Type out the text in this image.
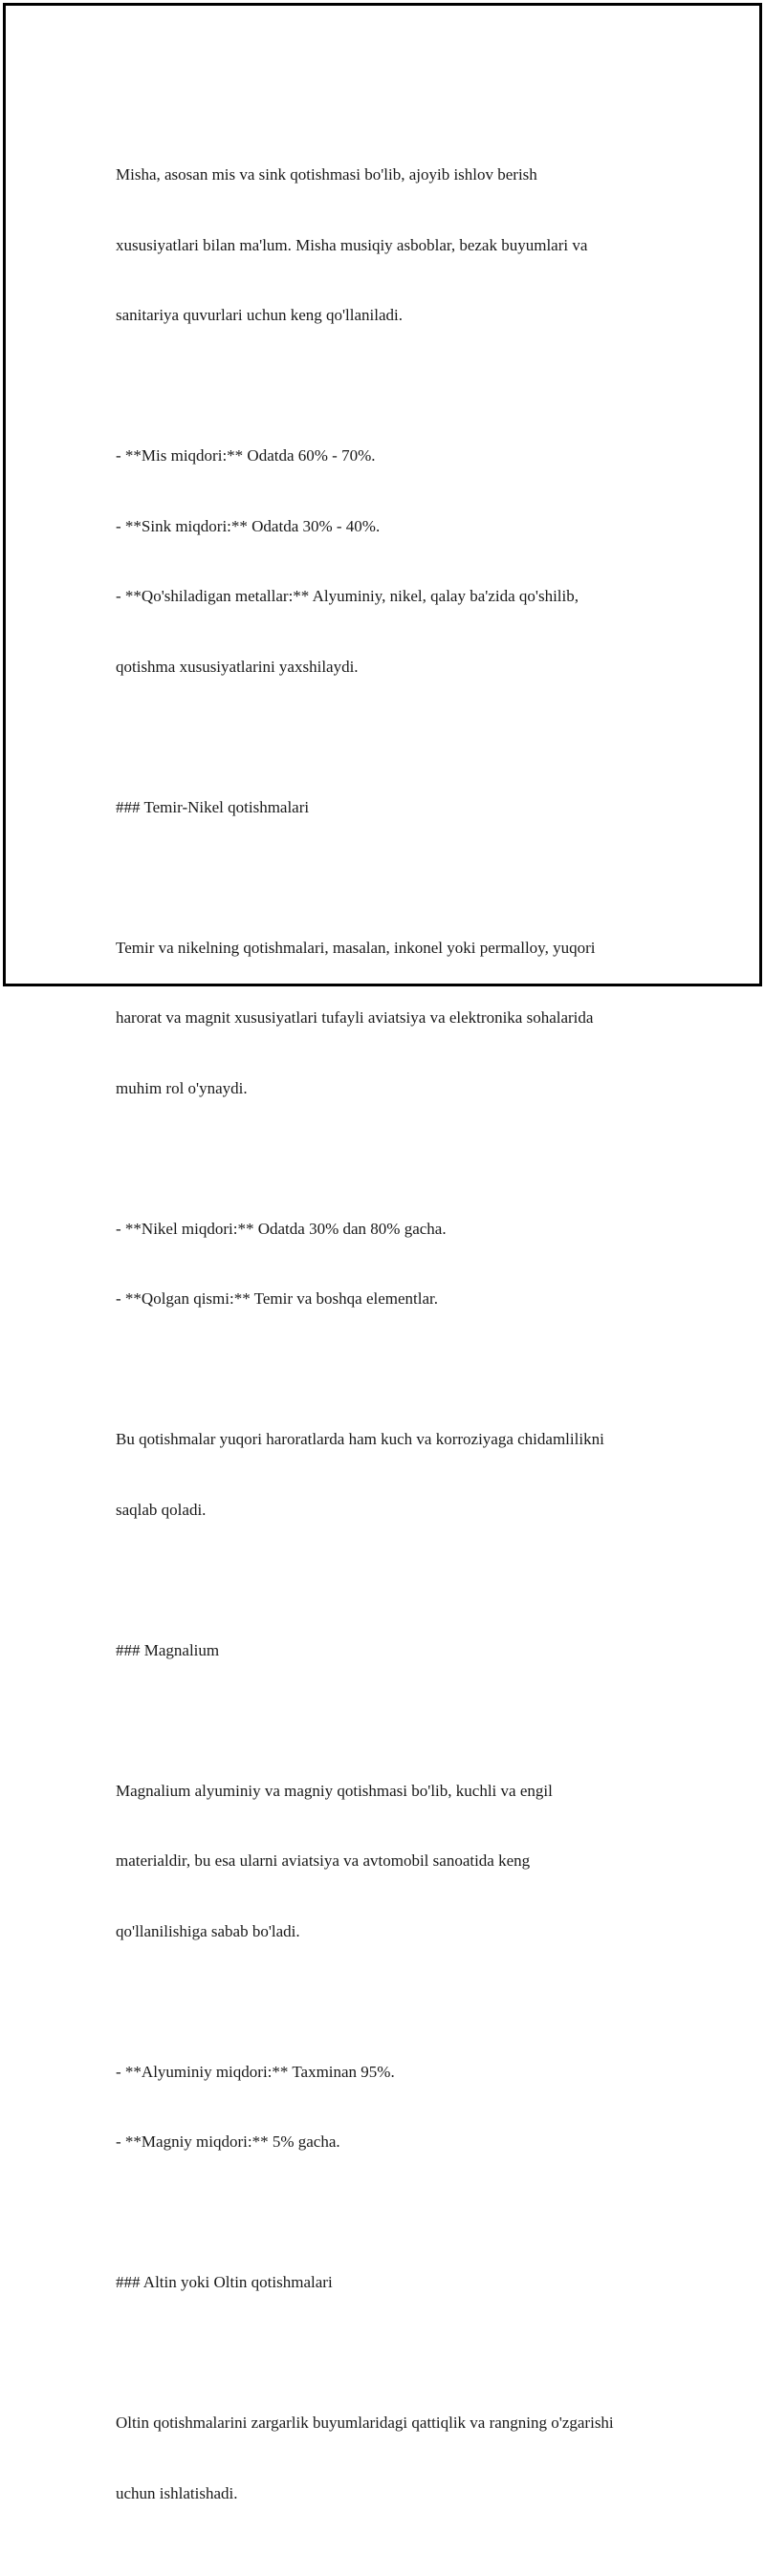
Misha, asosan mis va sink qotishmasi bo'lib, ajoyib ishlov berish

xususiyatlari bilan ma'lum. Misha musiqiy asboblar, bezak buyumlari va

sanitariya quvurlari uchun keng qo'llaniladi.

- **Mis miqdori:** Odatda 60% - 70%.

- **Sink miqdori:** Odatda 30% - 40%.

- **Qo'shiladigan metallar:** Alyuminiy, nikel, qalay ba'zida qo'shilib,

qotishma xususiyatlarini yaxshilaydi.

### Temir-Nikel qotishmalari

Temir va nikelning qotishmalari, masalan, inkonel yoki permalloy, yuqori

harorat va magnit xususiyatlari tufayli aviatsiya va elektronika sohalarida

muhim rol o'ynaydi.

- **Nikel miqdori:** Odatda 30% dan 80% gacha.

- **Qolgan qismi:** Temir va boshqa elementlar.

Bu qotishmalar yuqori haroratlarda ham kuch va korroziyaga chidamlilikni

saqlab qoladi.

### Magnalium

Magnalium alyuminiy va magniy qotishmasi bo'lib, kuchli va engil

materialdir, bu esa ularni aviatsiya va avtomobil sanoatida keng

qo'llanilishiga sabab bo'ladi.

- **Alyuminiy miqdori:** Taxminan 95%.

- **Magniy miqdori:** 5% gacha.

### Altin yoki Oltin qotishmalari

Oltin qotishmalarini zargarlik buyumlaridagi qattiqlik va rangning o'zgarishi

uchun ishlatishadi.
